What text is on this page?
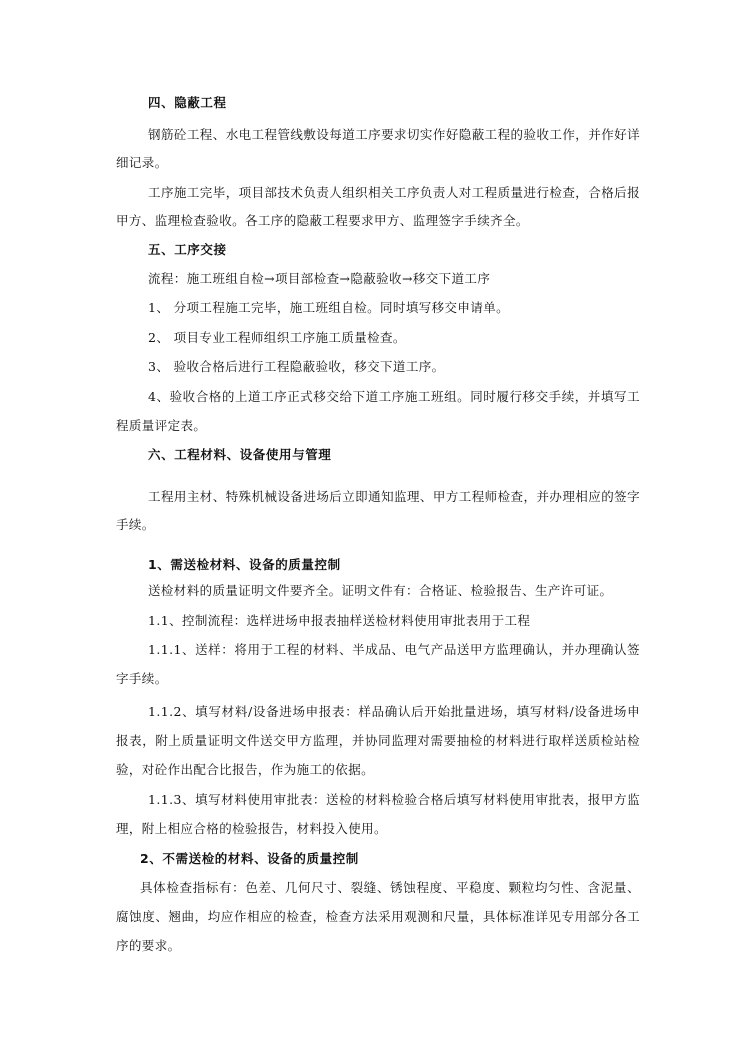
四、隐蔽工程
钢筋砼工程、水电工程管线敷设每道工序要求切实作好隐蔽工程的验收工作，并作好详
细记录。
工序施工完毕，项目部技术负责人组织相关工序负责人对工程质量进行检查，合格后报
甲方、监理检查验收。各工序的隐蔽工程要求甲方、监理签字手续齐全。
五、工序交接
流程：施工班组自检→项目部检查→隐蔽验收→移交下道工序
1、 分项工程施工完毕，施工班组自检。同时填写移交申请单。
2、 项目专业工程师组织工序施工质量检查。
3、 验收合格后进行工程隐蔽验收，移交下道工序。
4、验收合格的上道工序正式移交给下道工序施工班组。同时履行移交手续，并填写工
程质量评定表。
六、工程材料、设备使用与管理
工程用主材、特殊机械设备进场后立即通知监理、甲方工程师检查，并办理相应的签字
手续。
1、需送检材料、设备的质量控制
送检材料的质量证明文件要齐全。证明文件有：合格证、检验报告、生产许可证。
1.1、控制流程：选样进场申报表抽样送检材料使用审批表用于工程
1.1.1、送样：将用于工程的材料、半成品、电气产品送甲方监理确认，并办理确认签
字手续。
1.1.2、填写材料/设备进场申报表：样品确认后开始批量进场，填写材料/设备进场申
报表，附上质量证明文件送交甲方监理，并协同监理对需要抽检的材料进行取样送质检站检
验，对砼作出配合比报告，作为施工的依据。
1.1.3、填写材料使用审批表：送检的材料检验合格后填写材料使用审批表，报甲方监
理，附上相应合格的检验报告，材料投入使用。
2、不需送检的材料、设备的质量控制
具体检查指标有：色差、几何尺寸、裂缝、锈蚀程度、平稳度、颗粒均匀性、含泥量、
腐蚀度、翘曲，均应作相应的检查，检查方法采用观测和尺量，具体标准详见专用部分各工
序的要求。
